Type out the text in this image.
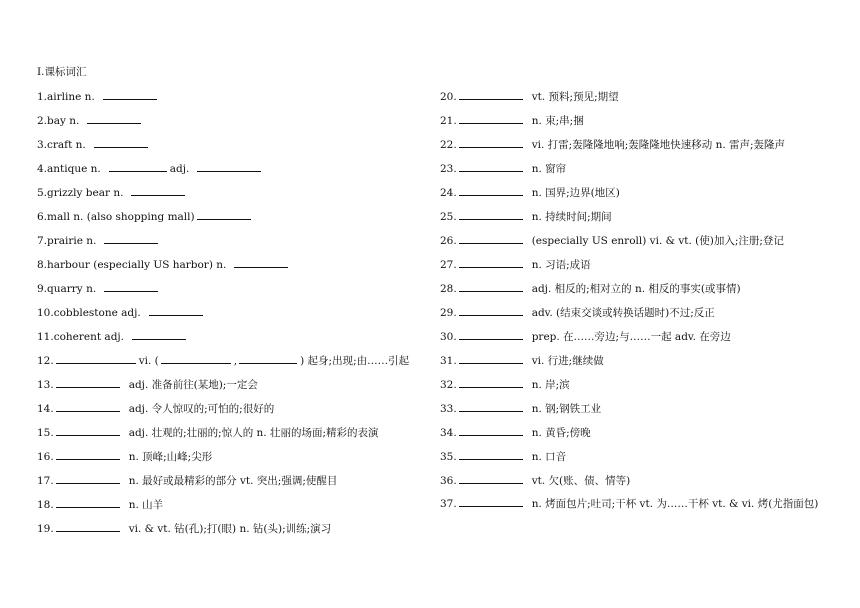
Ⅰ.课标词汇
1.airline n.
2.bay n.
3.craft n.
4.antique n.	adj.
5.grizzly bear n.
6.mall n. (also shopping mall)
7.prairie n.
8.harbour (especially US harbor) n.
9.quarry n.
10.cobblestone adj.
11.coherent adj.
12.	vi. (	,	) 起身;出现;由……引起
13.	adj. 准备前往(某地);一定会
14.	adj. 令人惊叹的;可怕的;很好的
15.	adj. 壮观的;壮丽的;惊人的 n. 壮丽的场面;精彩的表演
16.	n. 顶峰;山峰;尖形
17.	n. 最好或最精彩的部分 vt. 突出;强调;使醒目
18.	n. 山羊
19.	vi. & vt. 钻(孔);打(眼) n. 钻(头);训练;演习
20.	vt. 预料;预见;期望
21.	n. 束;串;捆
22.	vi. 打雷;轰隆隆地响;轰隆隆地快速移动 n. 雷声;轰隆声
23.	n. 窗帘
24.	n. 国界;边界(地区)
25.	n. 持续时间;期间
26.	(especially US enroll) vi. & vt. (使)加入;注册;登记
27.	n. 习语;成语
28.	adj. 相反的;相对立的 n. 相反的事实(或事情)
29.	adv. (结束交谈或转换话题时)不过;反正
30.	prep. 在……旁边;与……一起 adv. 在旁边
31.	vi. 行进;继续做
32.	n. 岸;滨
33.	n. 钢;钢铁工业
34.	n. 黄昏;傍晚
35.	n. 口音
36.	vt. 欠(账、债、情等)
37.	n. 烤面包片;吐司;干杯 vt. 为……干杯 vt. & vi. 烤(尤指面包)
